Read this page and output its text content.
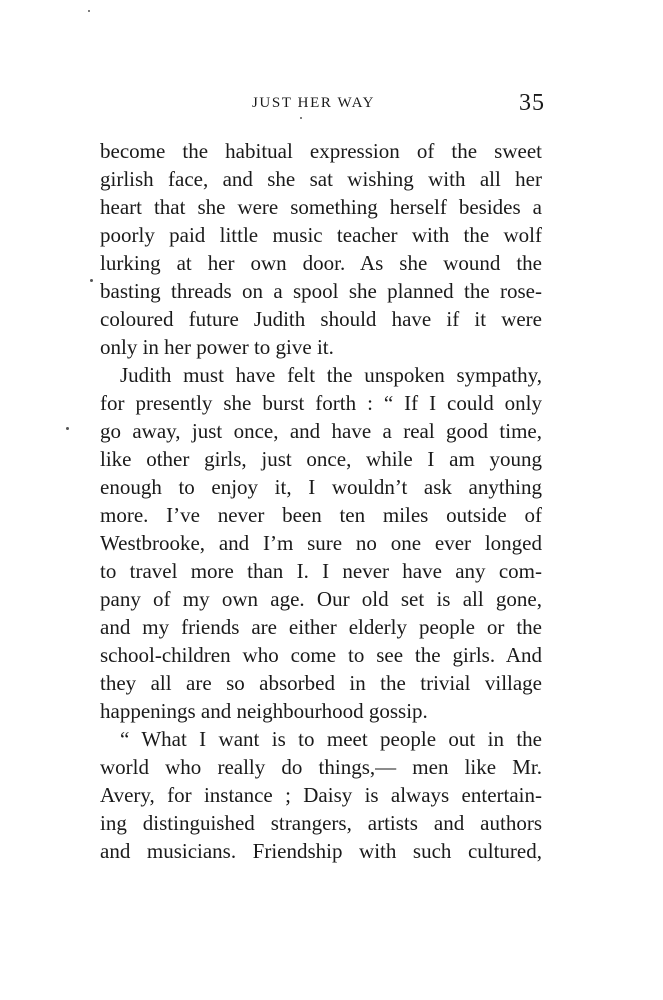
JUST HER WAY	35
become the habitual expression of the sweet
girlish face, and she sat wishing with all her
heart that she were something herself besides a
poorly paid little music teacher with the wolf
lurking at her own door. As she wound the
basting threads on a spool she planned the rose-
coloured future Judith should have if it were
only in her power to give it.
Judith must have felt the unspoken sympathy,
for presently she burst forth : “ If I could only
go away, just once, and have a real good time,
like other girls, just once, while I am young
enough to enjoy it, I wouldn’t ask anything
more. I’ve never been ten miles outside of
Westbrooke, and I’m sure no one ever longed
to travel more than I. I never have any com-
pany of my own age. Our old set is all gone,
and my friends are either elderly people or the
school-children who come to see the girls. And
they all are so absorbed in the trivial village
happenings and neighbourhood gossip.
“ What I want is to meet people out in the
world who really do things,— men like Mr.
Avery, for instance ; Daisy is always entertain-
ing distinguished strangers, artists and authors
and musicians. Friendship with such cultured,
